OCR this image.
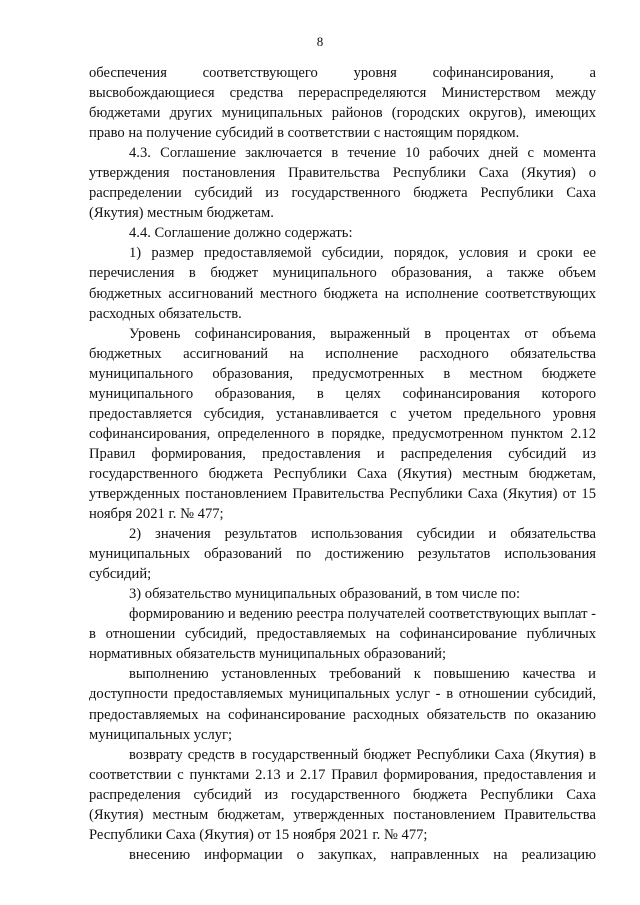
8

обеспечения соответствующего уровня софинансирования, а высвобождающиеся средства перераспределяются Министерством между бюджетами других муниципальных районов (городских округов), имеющих право на получение субсидий в соответствии с настоящим порядком.

4.3. Соглашение заключается в течение 10 рабочих дней с момента утверждения постановления Правительства Республики Саха (Якутия) о распределении субсидий из государственного бюджета Республики Саха (Якутия) местным бюджетам.

4.4. Соглашение должно содержать:

1) размер предоставляемой субсидии, порядок, условия и сроки ее перечисления в бюджет муниципального образования, а также объем бюджетных ассигнований местного бюджета на исполнение соответствующих расходных обязательств.

Уровень софинансирования, выраженный в процентах от объема бюджетных ассигнований на исполнение расходного обязательства муниципального образования, предусмотренных в местном бюджете муниципального образования, в целях софинансирования которого предоставляется субсидия, устанавливается с учетом предельного уровня софинансирования, определенного в порядке, предусмотренном пунктом 2.12 Правил формирования, предоставления и распределения субсидий из государственного бюджета Республики Саха (Якутия) местным бюджетам, утвержденных постановлением Правительства Республики Саха (Якутия) от 15 ноября 2021 г. № 477;

2) значения результатов использования субсидии и обязательства муниципальных образований по достижению результатов использования субсидий;

3) обязательство муниципальных образований, в том числе по:

формированию и ведению реестра получателей соответствующих выплат - в отношении субсидий, предоставляемых на софинансирование публичных нормативных обязательств муниципальных образований;

выполнению установленных требований к повышению качества и доступности предоставляемых муниципальных услуг - в отношении субсидий, предоставляемых на софинансирование расходных обязательств по оказанию муниципальных услуг;

возврату средств в государственный бюджет Республики Саха (Якутия) в соответствии с пунктами 2.13 и 2.17 Правил формирования, предоставления и распределения субсидий из государственного бюджета Республики Саха (Якутия) местным бюджетам, утвержденных постановлением Правительства Республики Саха (Якутия) от 15 ноября 2021 г. № 477;

внесению информации о закупках, направленных на реализацию
